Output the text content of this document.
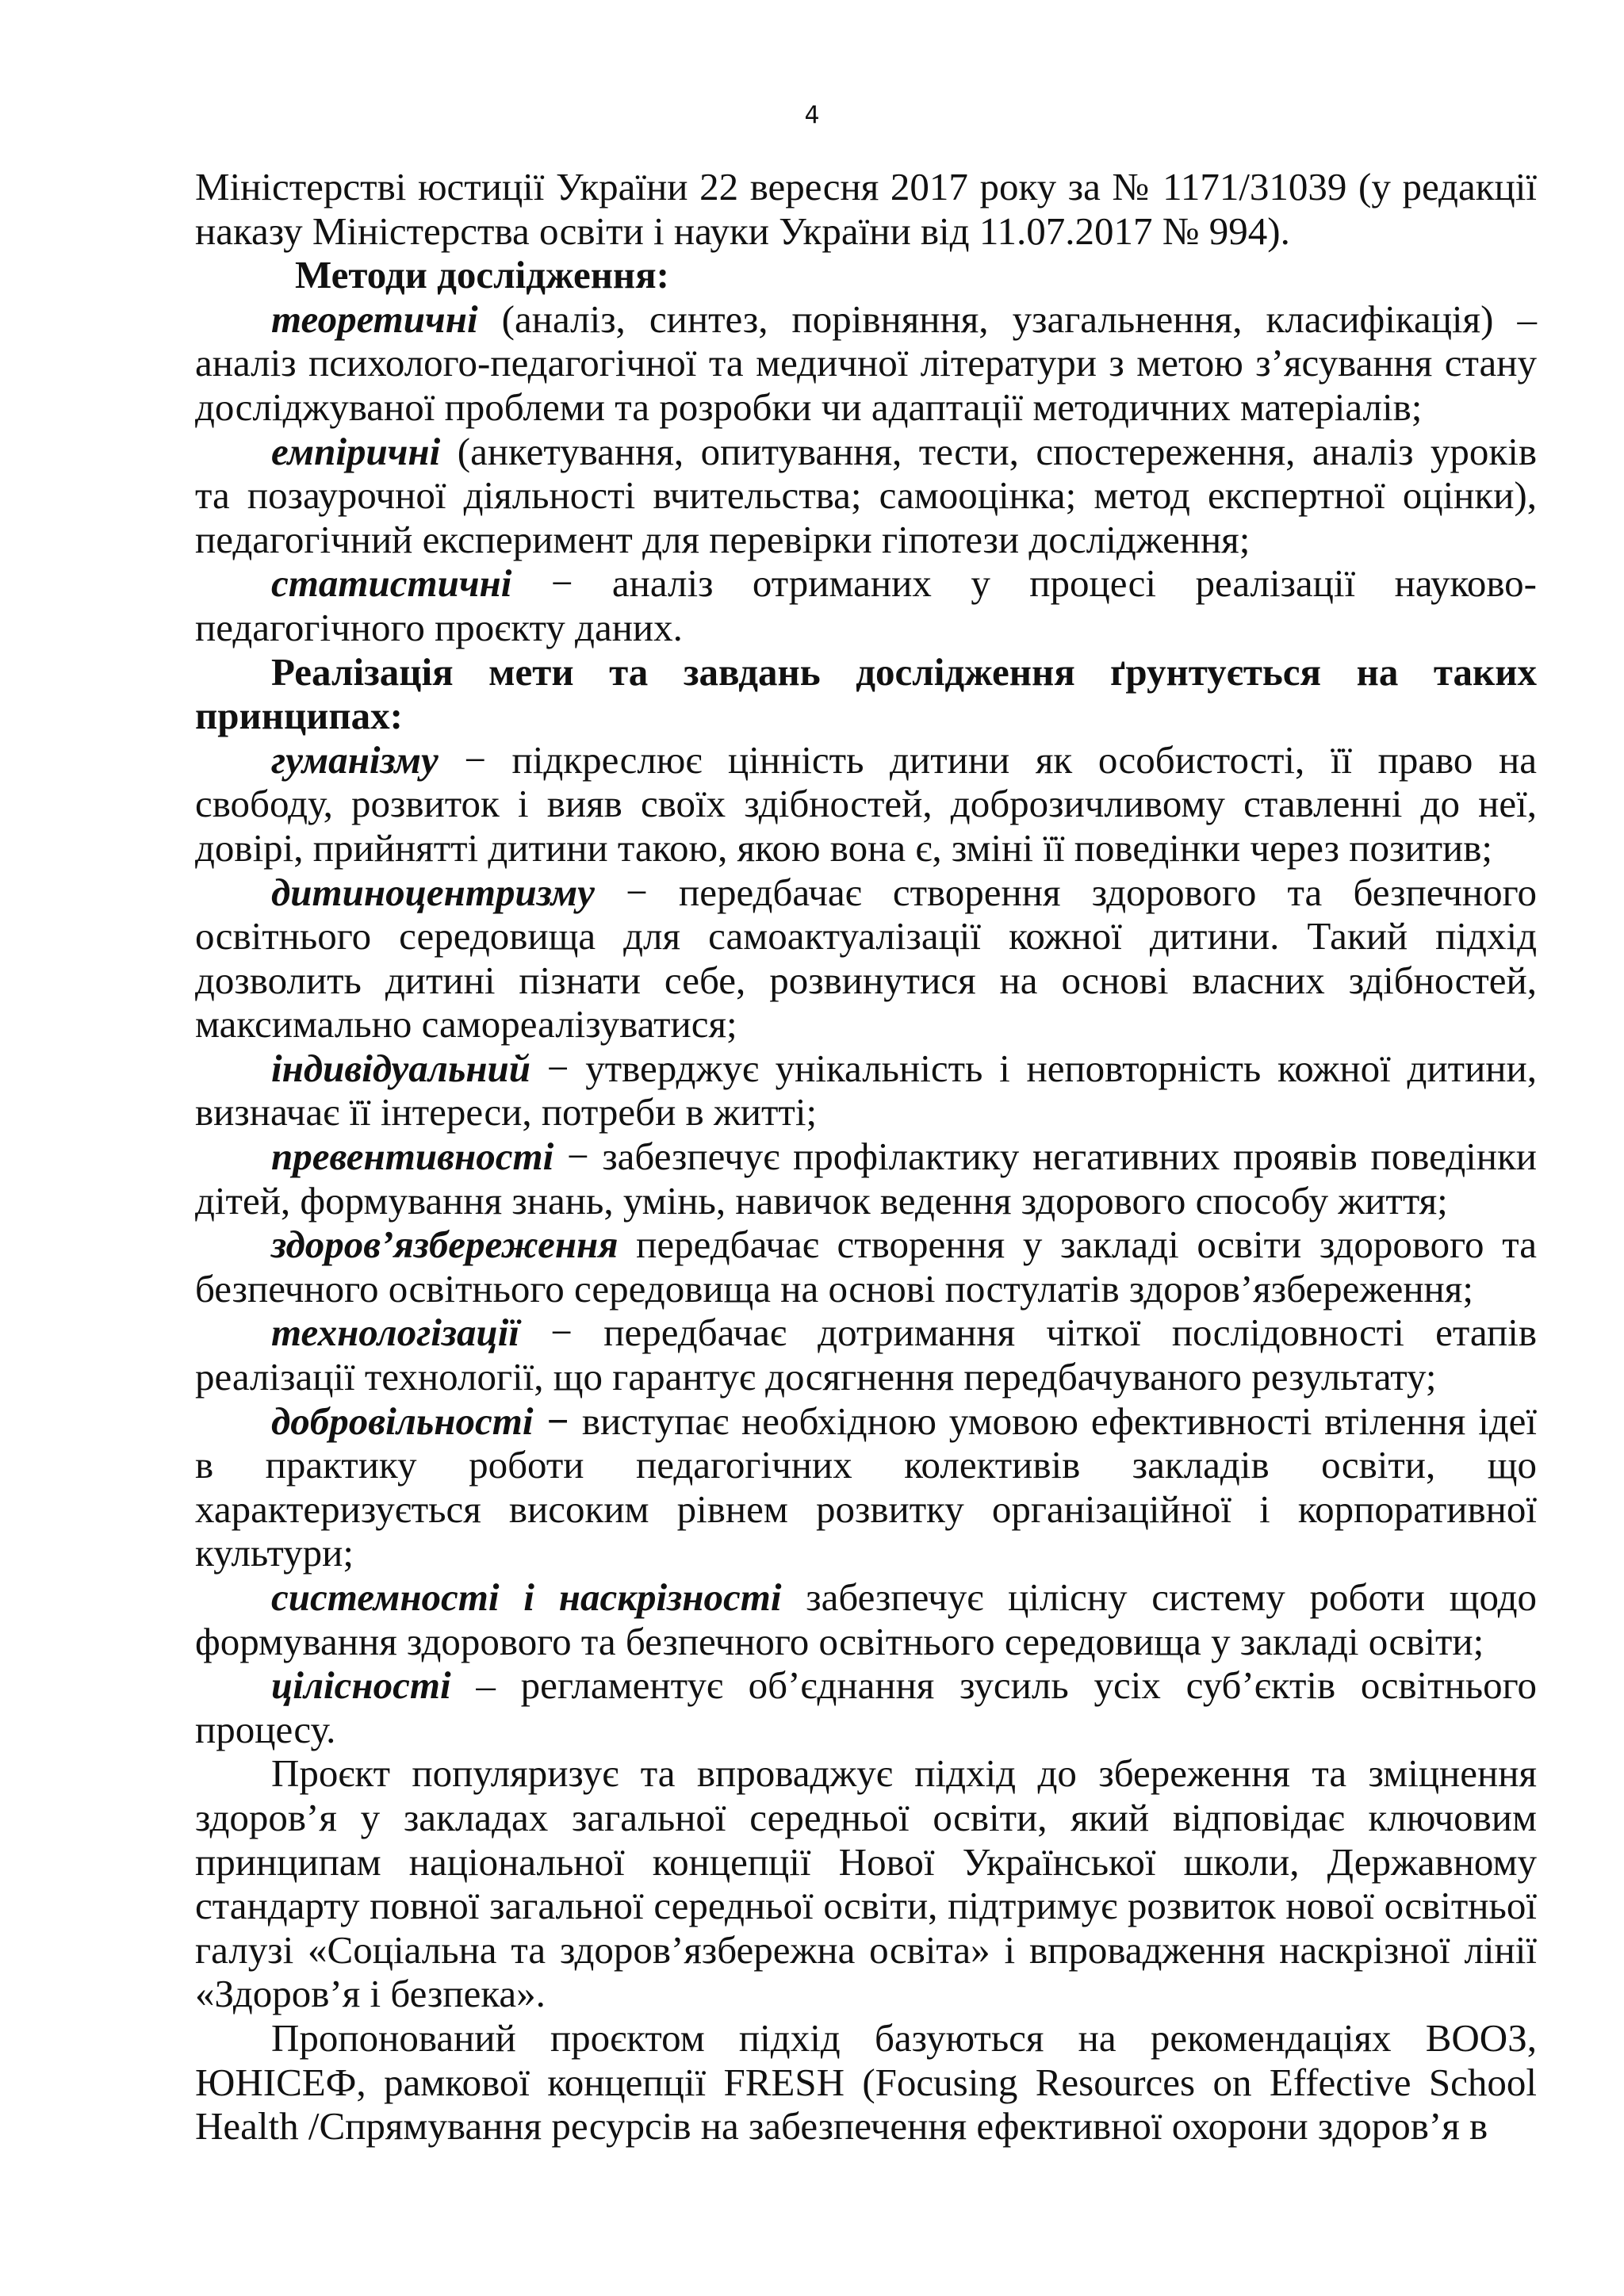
4

Міністерстві юстиції України 22 вересня 2017 року за № 1171/31039 (у редакції наказу Міністерства освіти і науки України від 11.07.2017 № 994).

Методи дослідження:

теоретичні (аналіз, синтез, порівняння, узагальнення, класифікація) – аналіз психолого-педагогічної та медичної літератури з метою з’ясування стану досліджуваної проблеми та розробки чи адаптації методичних матеріалів;

емпіричні (анкетування, опитування, тести, спостереження, аналіз уроків та позаурочної діяльності вчительства; самооцінка; метод експертної оцінки), педагогічний експеримент для перевірки гіпотези дослідження;

статистичні − аналіз отриманих у процесі реалізації науково-педагогічного проєкту даних.

Реалізація мети та завдань дослідження ґрунтується на таких принципах:

гуманізму − підкреслює цінність дитини як особистості, її право на свободу, розвиток і вияв своїх здібностей, доброзичливому ставленні до неї, довірі, прийнятті дитини такою, якою вона є, зміні її поведінки через позитив;

дитиноцентризму − передбачає створення здорового та безпечного освітнього середовища для самоактуалізації кожної дитини. Такий підхід дозволить дитині пізнати себе, розвинутися на основі власних здібностей, максимально самореалізуватися;

індивідуальний − утверджує унікальність і неповторність кожної дитини, визначає її інтереси, потреби в житті;

превентивності − забезпечує профілактику негативних проявів поведінки дітей, формування знань, умінь, навичок ведення здорового способу життя;

здоров’язбереження передбачає створення у закладі освіти здорового та безпечного освітнього середовища на основі постулатів здоров’язбереження;

технологізації − передбачає дотримання чіткої послідовності етапів реалізації технології, що гарантує досягнення передбачуваного результату;

добровільності − виступає необхідною умовою ефективності втілення ідеї в практику роботи педагогічних колективів закладів освіти, що характеризується високим рівнем розвитку організаційної і корпоративної культури;

системності і наскрізності забезпечує цілісну систему роботи щодо формування здорового та безпечного освітнього середовища у закладі освіти;

цілісності – регламентує об’єднання зусиль усіх суб’єктів освітнього процесу.

Проєкт популяризує та впроваджує підхід до збереження та зміцнення здоров’я у закладах загальної середньої освіти, який відповідає ключовим принципам національної концепції Нової Української школи, Державному стандарту повної загальної середньої освіти, підтримує розвиток нової освітньої галузі «Соціальна та здоров’язбережна освіта» і впровадження наскрізної лінії «Здоров’я і безпека».

Пропонований проєктом підхід базуються на рекомендаціях ВООЗ, ЮНІСЕФ, рамкової концепції FRESH (Focusing Resources on Effective School Health /Спрямування ресурсів на забезпечення ефективної охорони здоров’я в
